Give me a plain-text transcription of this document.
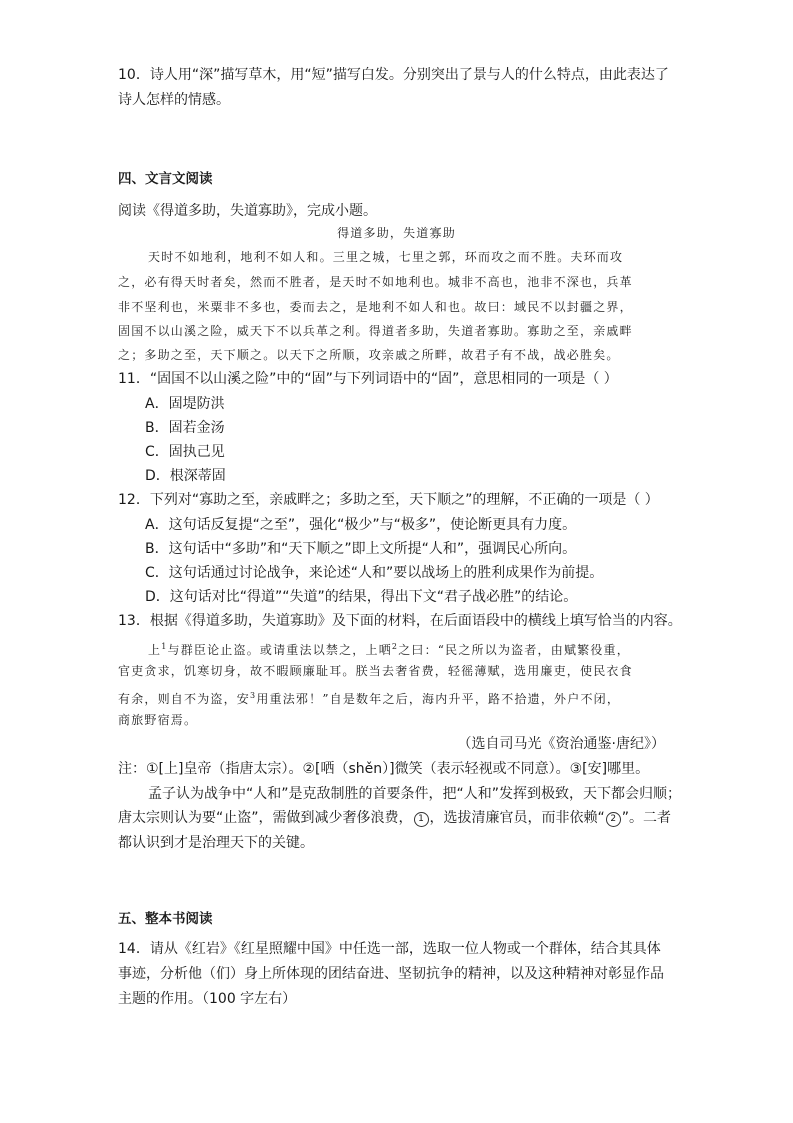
10．诗人用“深”描写草木，用“短”描写白发。分别突出了景与人的什么特点，由此表达了
诗人怎样的情感。
四、文言文阅读
阅读《得道多助，失道寡助》，完成小题。
得道多助，失道寡助
天时不如地利，地利不如人和。三里之城，七里之郭，环而攻之而不胜。夫环而攻
之，必有得天时者矣，然而不胜者，是天时不如地利也。城非不高也，池非不深也，兵革
非不坚利也，米粟非不多也，委而去之，是地利不如人和也。故曰：域民不以封疆之界，
固国不以山溪之险，威天下不以兵革之利。得道者多助，失道者寡助。寡助之至，亲戚畔
之；多助之至，天下顺之。以天下之所顺，攻亲戚之所畔，故君子有不战，战必胜矣。
11．“固国不以山溪之险”中的“固”与下列词语中的“固”，意思相同的一项是（ ）
A．固堤防洪
B．固若金汤
C．固执己见
D．根深蒂固
12．下列对“寡助之至，亲戚畔之；多助之至，天下顺之”的理解，不正确的一项是（ ）
A．这句话反复提“之至”，强化“极少”与“极多”，使论断更具有力度。
B．这句话中“多助”和“天下顺之”即上文所提“人和”，强调民心所向。
C．这句话通过讨论战争，来论述“人和”要以战场上的胜利成果作为前提。
D．这句话对比“得道”“失道”的结果，得出下文“君子战必胜”的结论。
13．根据《得道多助，失道寡助》及下面的材料，在后面语段中的横线上填写恰当的内容。
上$^1$与群臣论止盗。或请重法以禁之，上哂$^2$之曰：“民之所以为盗者，由赋繁役重，
官吏贪求，饥寒切身，故不暇顾廉耻耳。朕当去奢省费，轻徭薄赋，选用廉吏，使民衣食
有余，则自不为盗，安$^3$用重法邪！”自是数年之后，海内升平，路不拾遗，外户不闭，
商旅野宿焉。
（选自司马光《资治通鉴·唐纪》）
注：①[上]皇帝（指唐太宗）。②[哂（shěn）]微笑（表示轻视或不同意）。③[安]哪里。
孟子认为战争中“人和”是克敌制胜的首要条件，把“人和”发挥到极致，天下都会归顺；
唐太宗则认为要“止盗”，需做到减少奢侈浪费， 1 ，选拔清廉官员，而非依赖“ 2 ”。二者
都认识到才是治理天下的关键。
五、整本书阅读
14．请从《红岩》《红星照耀中国》中任选一部，选取一位人物或一个群体，结合其具体
事迹，分析他（们）身上所体现的团结奋进、坚韧抗争的精神，以及这种精神对彰显作品
主题的作用。（100 字左右）
